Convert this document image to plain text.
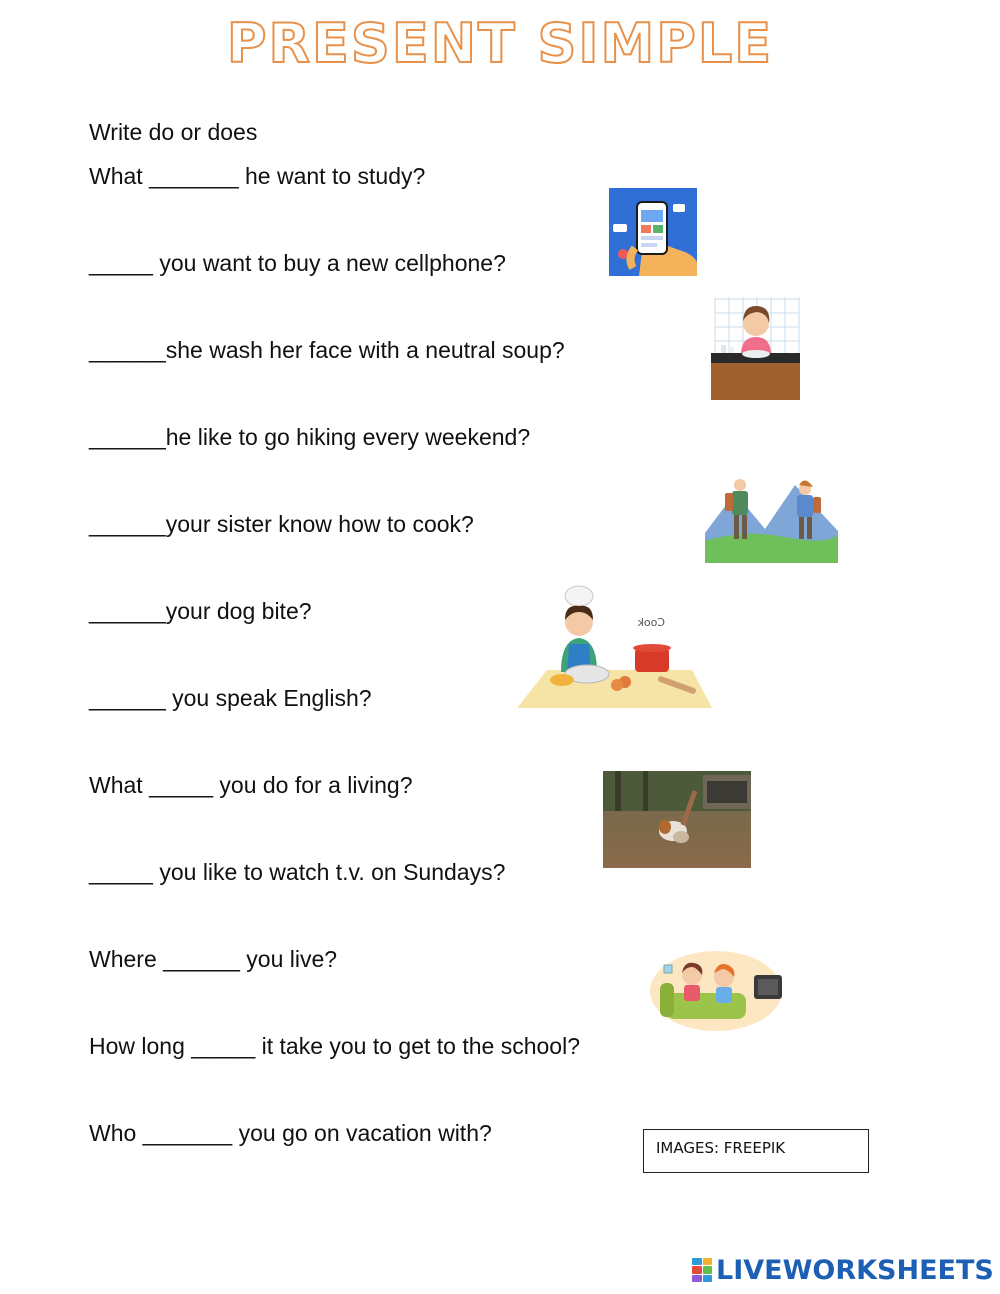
PRESENT SIMPLE
Write do or does
What _______ he want to study?
_____ you want to buy a new cellphone?
______she wash her face with a neutral soup?
______he like to go hiking every weekend?
______your sister know how to cook?
______your dog bite?
______ you speak English?
What _____ you do for a living?
_____ you like to watch t.v. on Sundays?
Where ______ you live?
How long _____ it take you to get to the school?
Who _______ you go on vacation with?
Cook
IMAGES: FREEPIK
LIVEWORKSHEETS
